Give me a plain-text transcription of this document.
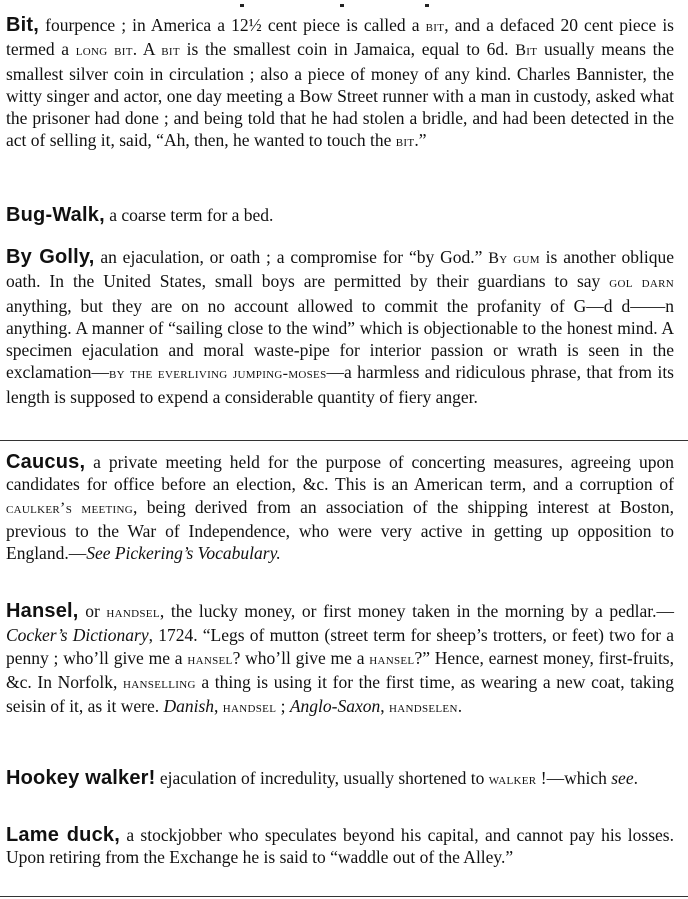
Bit, fourpence ; in America a 12½ cent piece is called a bit, and a defaced 20 cent piece is termed a long bit. A bit is the smallest coin in Jamaica, equal to 6d. Bit usually means the smallest silver coin in circulation ; also a piece of money of any kind. Charles Bannister, the witty singer and actor, one day meeting a Bow Street runner with a man in custody, asked what the prisoner had done ; and being told that he had stolen a bridle, and had been detected in the act of selling it, said, “Ah, then, he wanted to touch the bit.”

Bug-Walk, a coarse term for a bed.

By Golly, an ejaculation, or oath ; a compromise for “by God.” By gum is another oblique oath. In the United States, small boys are permitted by their guardians to say gol darn anything, but they are on no account allowed to commit the profanity of G—d d——n anything. A manner of “sailing close to the wind” which is objectionable to the honest mind. A specimen ejaculation and moral waste-pipe for interior passion or wrath is seen in the exclamation—by the everliving jumping-moses—a harmless and ridiculous phrase, that from its length is supposed to expend a considerable quantity of fiery anger.

Caucus, a private meeting held for the purpose of concerting measures, agreeing upon candidates for office before an election, &c. This is an American term, and a corruption of caulker’s meeting, being derived from an association of the shipping interest at Boston, previous to the War of Independence, who were very active in getting up opposition to England.—See Pickering’s Vocabulary.

Hansel, or handsel, the lucky money, or first money taken in the morning by a pedlar.—Cocker’s Dictionary, 1724. “Legs of mutton (street term for sheep’s trotters, or feet) two for a penny ; who’ll give me a hansel? who’ll give me a hansel?” Hence, earnest money, first-fruits, &c. In Norfolk, hanselling a thing is using it for the first time, as wearing a new coat, taking seisin of it, as it were. Danish, handsel ; Anglo-Saxon, handselen.

Hookey walker! ejaculation of incredulity, usually shortened to walker !—which see.

Lame duck, a stockjobber who speculates beyond his capital, and cannot pay his losses. Upon retiring from the Exchange he is said to “waddle out of the Alley.”
